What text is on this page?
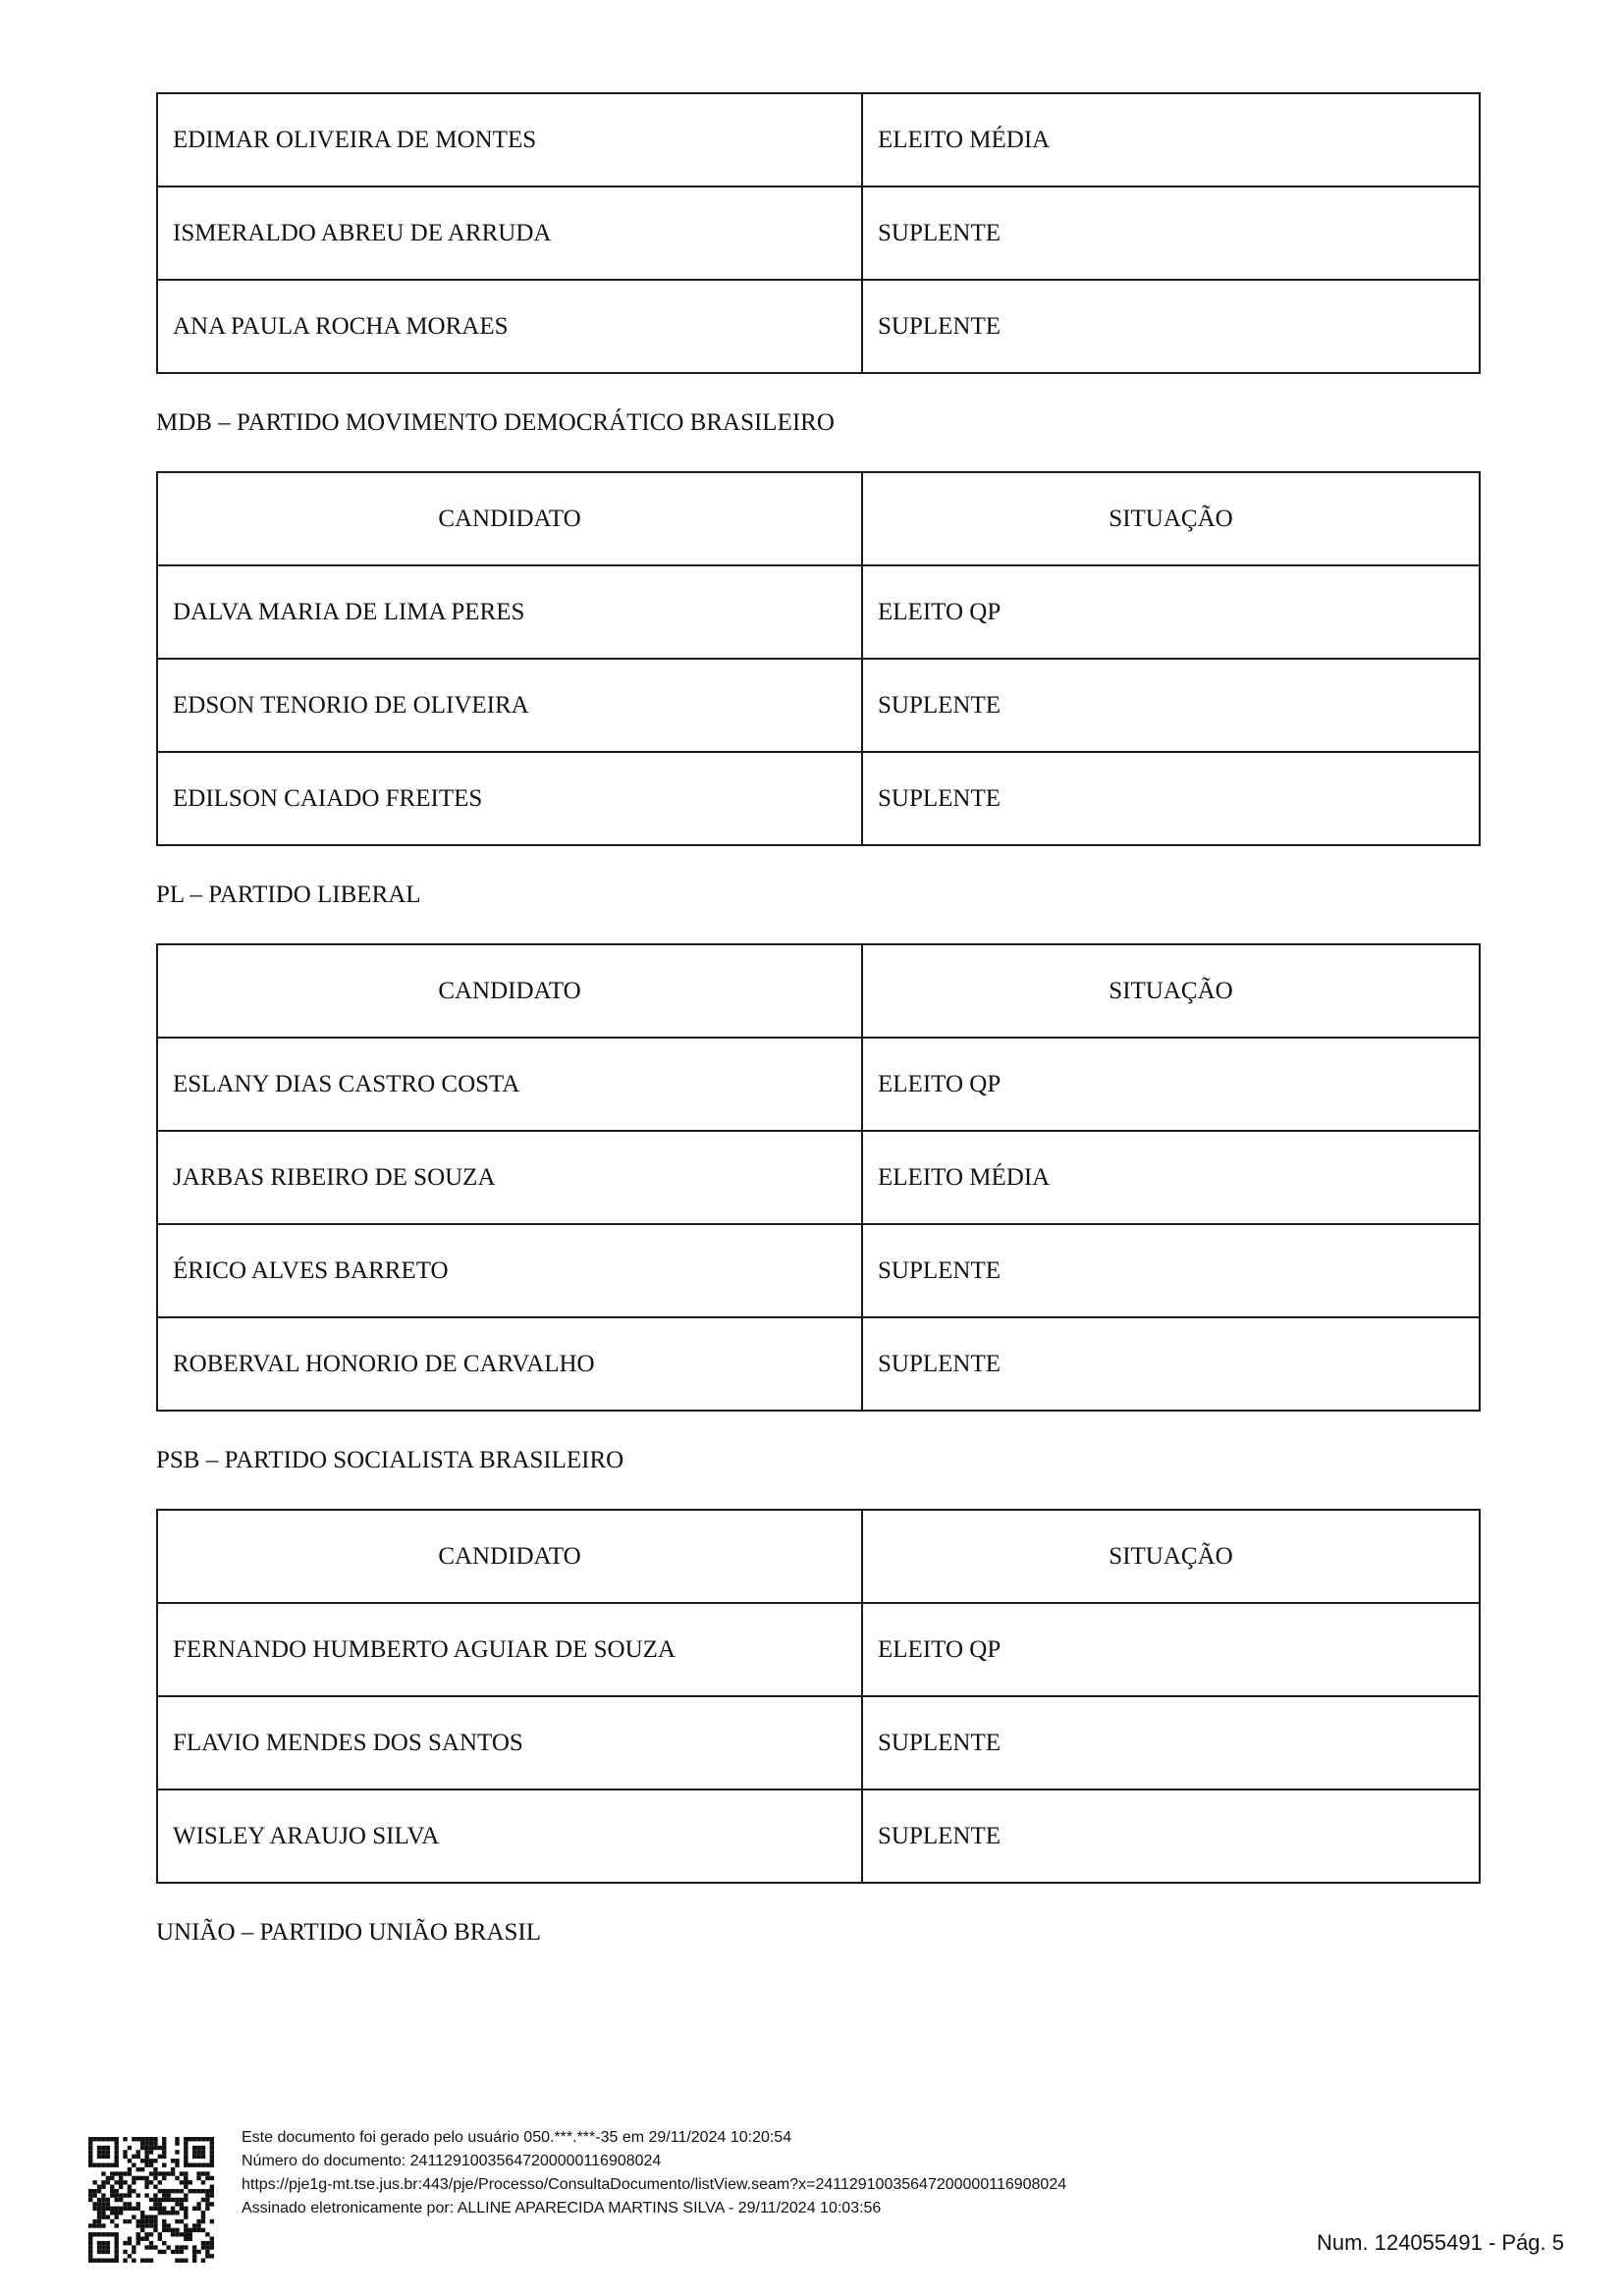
EDIMAR OLIVEIRA DE MONTES	ELEITO MÉDIA
ISMERALDO ABREU DE ARRUDA	SUPLENTE
ANA PAULA ROCHA MORAES	SUPLENTE
MDB – PARTIDO MOVIMENTO DEMOCRÁTICO BRASILEIRO
CANDIDATO	SITUAÇÃO
DALVA MARIA DE LIMA PERES	ELEITO QP
EDSON TENORIO DE OLIVEIRA	SUPLENTE
EDILSON CAIADO FREITES	SUPLENTE
PL – PARTIDO LIBERAL
CANDIDATO	SITUAÇÃO
ESLANY DIAS CASTRO COSTA	ELEITO QP
JARBAS RIBEIRO DE SOUZA	ELEITO MÉDIA
ÉRICO ALVES BARRETO	SUPLENTE
ROBERVAL HONORIO DE CARVALHO	SUPLENTE
PSB – PARTIDO SOCIALISTA BRASILEIRO
CANDIDATO	SITUAÇÃO
FERNANDO HUMBERTO AGUIAR DE SOUZA	ELEITO QP
FLAVIO MENDES DOS SANTOS	SUPLENTE
WISLEY ARAUJO SILVA	SUPLENTE
UNIÃO – PARTIDO UNIÃO BRASIL
Este documento foi gerado pelo usuário 050.***.***-35 em 29/11/2024 10:20:54
Número do documento: 24112910035647200000116908024
https://pje1g-mt.tse.jus.br:443/pje/Processo/ConsultaDocumento/listView.seam?x=24112910035647200000116908024
Assinado eletronicamente por: ALLINE APARECIDA MARTINS SILVA - 29/11/2024 10:03:56
Num. 124055491 - Pág. 5
